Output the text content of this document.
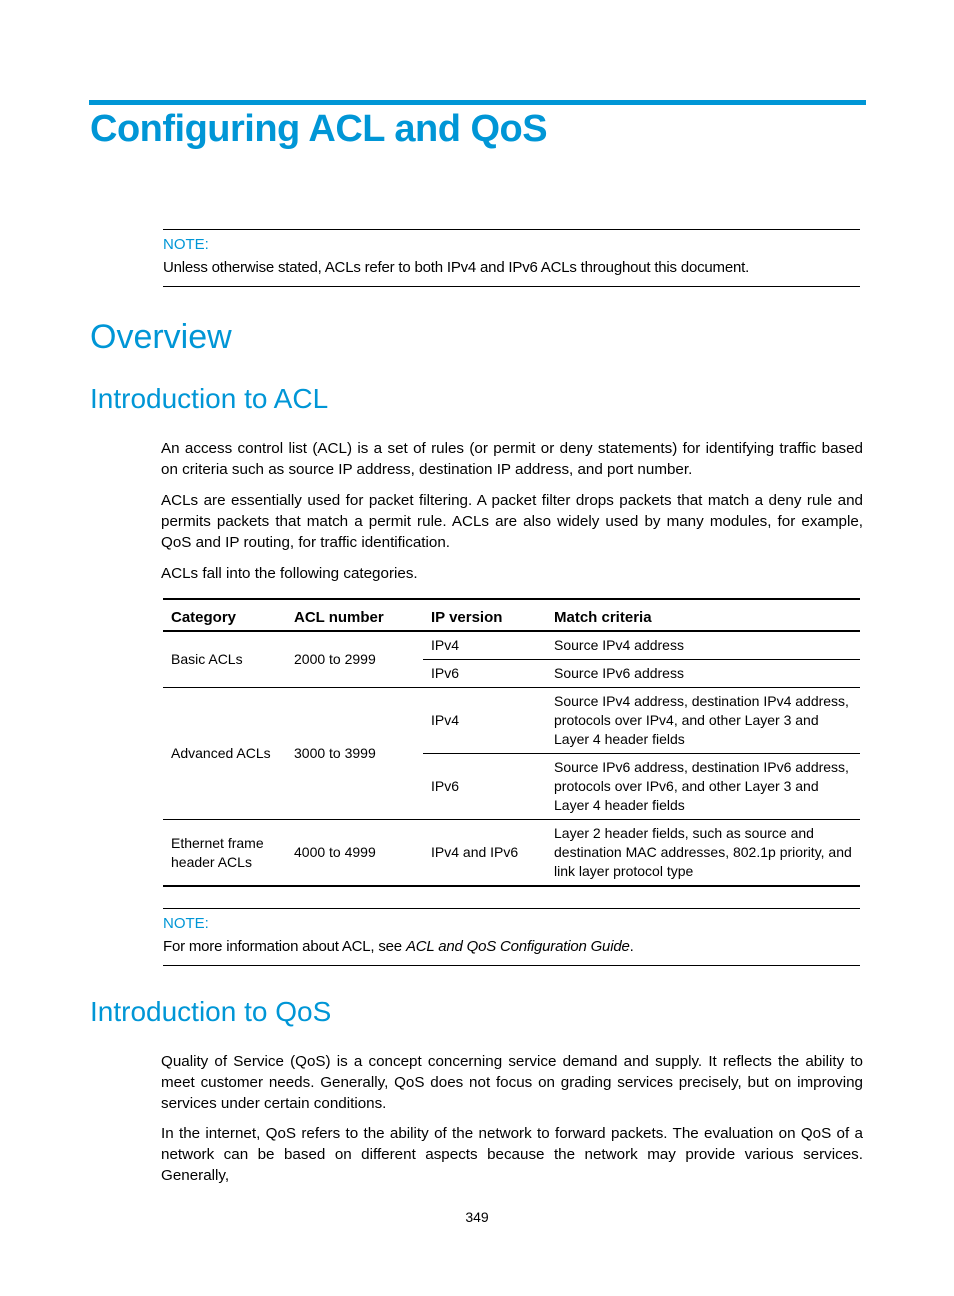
Configuring ACL and QoS

NOTE:

Unless otherwise stated, ACLs refer to both IPv4 and IPv6 ACLs throughout this document.

Overview
Introduction to ACL

An access control list (ACL) is a set of rules (or permit or deny statements) for identifying traffic based on criteria such as source IP address, destination IP address, and port number.

ACLs are essentially used for packet filtering. A packet filter drops packets that match a deny rule and permits packets that match a permit rule. ACLs are also widely used by many modules, for example, QoS and IP routing, for traffic identification.

ACLs fall into the following categories.

Category	ACL number	IP version	Match criteria
Basic ACLs	2000 to 2999	IPv4	Source IPv4 address
		IPv6	Source IPv6 address
Advanced ACLs	3000 to 3999	IPv4	Source IPv4 address, destination IPv4 address, protocols over IPv4, and other Layer 3 and Layer 4 header fields
		IPv6	Source IPv6 address, destination IPv6 address, protocols over IPv6, and other Layer 3 and Layer 4 header fields
Ethernet frame header ACLs	4000 to 4999	IPv4 and IPv6	Layer 2 header fields, such as source and destination MAC addresses, 802.1p priority, and link layer protocol type

NOTE:

For more information about ACL, see ACL and QoS Configuration Guide.

Introduction to QoS

Quality of Service (QoS) is a concept concerning service demand and supply. It reflects the ability to meet customer needs. Generally, QoS does not focus on grading services precisely, but on improving services under certain conditions.

In the internet, QoS refers to the ability of the network to forward packets. The evaluation on QoS of a network can be based on different aspects because the network may provide various services. Generally,

349
